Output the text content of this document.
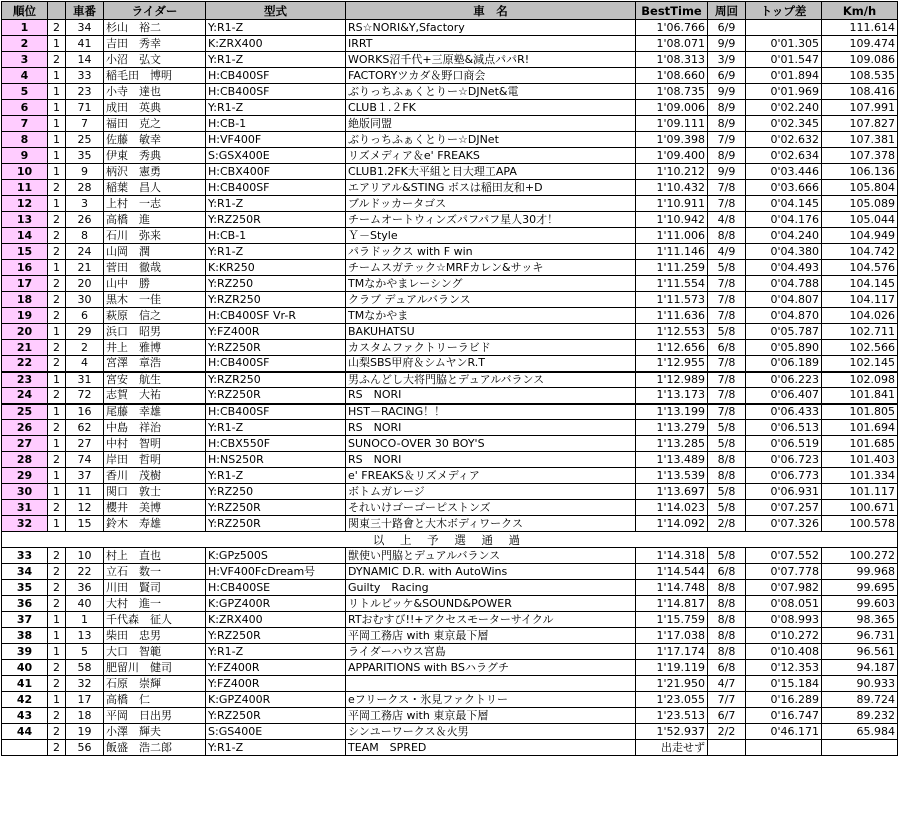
順位		車番	ライダー	型式	車　名	BestTime	周回	トップ差	Km/h
1	2	34	杉山　裕二	Y:R1-Z	RS☆NORI&Y,Sfactory	1'06.766	6/9		111.614
2	1	41	吉田　秀幸	K:ZRX400	IRRT	1'08.071	9/9	0'01.305	109.474
3	2	14	小沼　弘文	Y:R1-Z	WORKS沼千代+三原塾&減点パパR!	1'08.313	3/9	0'01.547	109.086
4	1	33	稲毛田　博明	H:CB400SF	FACTORYツカダ＆野口商会	1'08.660	6/9	0'01.894	108.535
5	1	23	小寺　達也	H:CB400SF	ぶりっちふぁくとりー☆DJNet&電	1'08.735	9/9	0'01.969	108.416
6	1	71	成田　英典	Y:R1-Z	CLUB１.２FK	1'09.006	8/9	0'02.240	107.991
7	1	7	福田　克之	H:CB-1	絶版同盟	1'09.111	8/9	0'02.345	107.827
8	1	25	佐藤　敏幸	H:VF400F	ぶりっちふぁくとりー☆DJNet	1'09.398	7/9	0'02.632	107.381
9	1	35	伊東　秀典	S:GSX400E	リズメディア＆e' FREAKS	1'09.400	8/9	0'02.634	107.378
10	1	9	柄沢　憲勇	H:CBX400F	CLUB1.2FK大平組と日大理工APA	1'10.212	9/9	0'03.446	106.136
11	2	28	稲葉　昌人	H:CB400SF	エアリアル&STING ボスは稲田友和+D	1'10.432	7/8	0'03.666	105.804
12	1	3	上村　一志	Y:R1-Z	ブルドッカータゴス	1'10.911	7/8	0'04.145	105.089
13	2	26	高橋　進	Y:RZ250R	チームオートウィンズパフパフ星人30才！	1'10.942	4/8	0'04.176	105.044
14	2	8	石川　弥来	H:CB-1	Ｙ－Style	1'11.006	8/8	0'04.240	104.949
15	2	24	山岡　潤	Y:R1-Z	パラドックス with F win	1'11.146	4/9	0'04.380	104.742
16	1	21	菅田　徹哉	K:KR250	チームスガテック☆MRFカレン&サッキ	1'11.259	5/8	0'04.493	104.576
17	2	20	山中　勝	Y:RZ250	TMなかやまレーシング	1'11.554	7/8	0'04.788	104.145
18	2	30	黒木　一佳	Y:RZR250	クラブ デュアルバランス	1'11.573	7/8	0'04.807	104.117
19	2	6	萩原　信之	H:CB400SF Vr-R	TMなかやま	1'11.636	7/8	0'04.870	104.026
20	1	29	浜口　昭男	Y:FZ400R	BAKUHATSU	1'12.553	5/8	0'05.787	102.711
21	2	2	井上　雅博	Y:RZ250R	カスタムファクトリーラビド	1'12.656	6/8	0'05.890	102.566
22	2	4	宮澤　章浩	H:CB400SF	山梨SBS甲府＆シムヤンR.T	1'12.955	7/8	0'06.189	102.145
23	1	31	宮安　航生	Y:RZR250	男ふんどし大将門脇とデュアルバランス	1'12.989	7/8	0'06.223	102.098
24	2	72	志賀　大祐	Y:RZ250R	RS　NORI	1'13.173	7/8	0'06.407	101.841
25	1	16	尾藤　幸雄	H:CB400SF	HST－RACING！！	1'13.199	7/8	0'06.433	101.805
26	2	62	中島　祥治	Y:R1-Z	RS　NORI	1'13.279	5/8	0'06.513	101.694
27	1	27	中村　智明	H:CBX550F	SUNOCO-OVER 30 BOY'S	1'13.285	5/8	0'06.519	101.685
28	2	74	岸田　哲明	H:NS250R	RS　NORI	1'13.489	8/8	0'06.723	101.403
29	1	37	香川　茂樹	Y:R1-Z	e' FREAKS＆リズメディア	1'13.539	8/8	0'06.773	101.334
30	1	11	関口　敦士	Y:RZ250	ボトムガレージ	1'13.697	5/8	0'06.931	101.117
31	2	12	櫻井　美博	Y:RZ250R	それいけゴーゴーピストンズ	1'14.023	5/8	0'07.257	100.671
32	1	15	鈴木　寿雄	Y:RZ250R	関東三十路會と大木ボディワークス	1'14.092	2/8	0'07.326	100.578
以 上 予 選 通 過									
33	2	10	村上　直也	K:GPz500S	獣使い門脇とデュアルバランス	1'14.318	5/8	0'07.552	100.272
34	2	22	立石　数一	H:VF400FcDream号	DYNAMIC D.R. with AutoWins	1'14.544	6/8	0'07.778	99.968
35	2	36	川田　賢司	H:CB400SE	Guilty　Racing	1'14.748	8/8	0'07.982	99.695
36	2	40	大村　進一	K:GPZ400R	リトルビッケ&SOUND&POWER	1'14.817	8/8	0'08.051	99.603
37	1	1	千代森　征人	K:ZRX400	RTおむすび!!+アクセスモーターサイクル	1'15.759	8/8	0'08.993	98.365
38	1	13	柴田　忠男	Y:RZ250R	平岡工務店 with 東京最下層	1'17.038	8/8	0'10.272	96.731
39	1	5	大口　智範	Y:R1-Z	ライダーハウス宮島	1'17.174	8/8	0'10.408	96.561
40	2	58	肥留川　健司	Y:FZ400R	APPARITIONS with BSハラグチ	1'19.119	6/8	0'12.353	94.187
41	2	32	石原　崇輝	Y:FZ400R		1'21.950	4/7	0'15.184	90.933
42	1	17	高橋　仁	K:GPZ400R	eフリークス・氷見ファクトリー	1'23.055	7/7	0'16.289	89.724
43	2	18	平岡　日出男	Y:RZ250R	平岡工務店 with 東京最下層	1'23.513	6/7	0'16.747	89.232
44	2	19	小澤　輝夫	S:GS400E	シンユーワークス＆火男	1'52.937	2/2	0'46.171	65.984
	2	56	飯盛　浩二郎	Y:R1-Z	TEAM　SPRED	出走せず			
